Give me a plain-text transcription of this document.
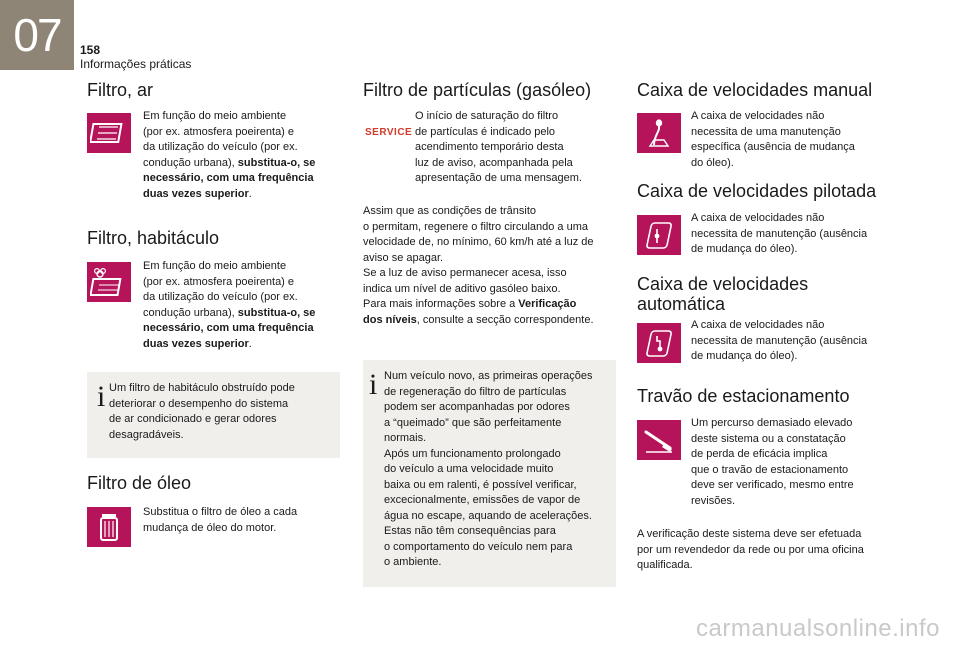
07	158
Informações práticas
Filtro, ar

Em função do meio ambiente
(por ex. atmosfera poeirenta) e
da utilização do veículo (por ex.
condução urbana), substitua-o, se
necessário, com uma frequência
duas vezes superior.

Filtro, habitáculo

Em função do meio ambiente
(por ex. atmosfera poeirenta) e
da utilização do veículo (por ex.
condução urbana), substitua-o, se
necessário, com uma frequência
duas vezes superior.

i Um filtro de habitáculo obstruído pode
deteriorar o desempenho do sistema
de ar condicionado e gerar odores
desagradáveis.

Filtro de óleo

Substitua o filtro de óleo a cada
mudança de óleo do motor.

Filtro de partículas (gasóleo)
SERVICE

O início de saturação do filtro
de partículas é indicado pelo
acendimento temporário desta
luz de aviso, acompanhada pela
apresentação de uma mensagem.

Assim que as condições de trânsito
o permitam, regenere o filtro circulando a uma
velocidade de, no mínimo, 60 km/h até a luz de
aviso se apagar.
Se a luz de aviso permanecer acesa, isso
indica um nível de aditivo gasóleo baixo.
Para mais informações sobre a Verificação
dos níveis, consulte a secção correspondente.

i Num veículo novo, as primeiras operações
de regeneração do filtro de partículas
podem ser acompanhadas por odores
a “queimado” que são perfeitamente
normais.
Após um funcionamento prolongado
do veículo a uma velocidade muito
baixa ou em ralenti, é possível verificar,
excecionalmente, emissões de vapor de
água no escape, aquando de acelerações.
Estas não têm consequências para
o comportamento do veículo nem para
o ambiente.

Caixa de velocidades manual

A caixa de velocidades não
necessita de uma manutenção
específica (ausência de mudança
do óleo).

Caixa de velocidades pilotada

A caixa de velocidades não
necessita de manutenção (ausência
de mudança do óleo).

Caixa de velocidades
automática

A caixa de velocidades não
necessita de manutenção (ausência
de mudança do óleo).

Travão de estacionamento

Um percurso demasiado elevado
deste sistema ou a constatação
de perda de eficácia implica
que o travão de estacionamento
deve ser verificado, mesmo entre
revisões.

A verificação deste sistema deve ser efetuada
por um revendedor da rede ou por uma oficina
qualificada.

carmanualsonline.info
